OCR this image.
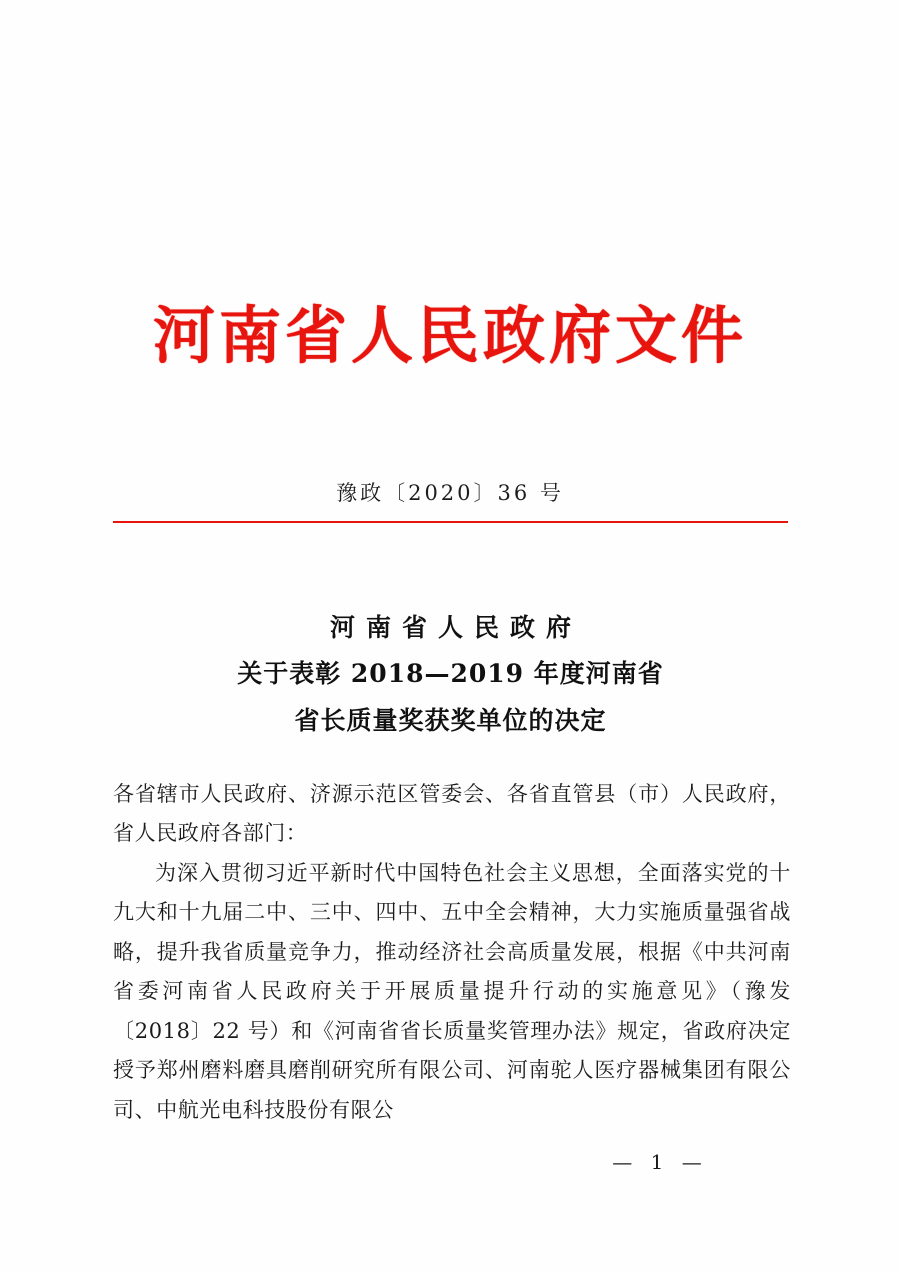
河南省人民政府文件
豫政〔2020〕36 号
河南省人民政府
关于表彰 2018—2019 年度河南省
省长质量奖获奖单位的决定

各省辖市人民政府、济源示范区管委会、各省直管县（市）人民政府，省人民政府各部门：

为深入贯彻习近平新时代中国特色社会主义思想，全面落实党的十九大和十九届二中、三中、四中、五中全会精神，大力实施质量强省战略，提升我省质量竞争力，推动经济社会高质量发展，根据《中共河南省委河南省人民政府关于开展质量提升行动的实施意见》（豫发〔2018〕22 号）和《河南省省长质量奖管理办法》规定，省政府决定授予郑州磨料磨具磨削研究所有限公司、河南驼人医疗器械集团有限公司、中航光电科技股份有限公

— 1 —
